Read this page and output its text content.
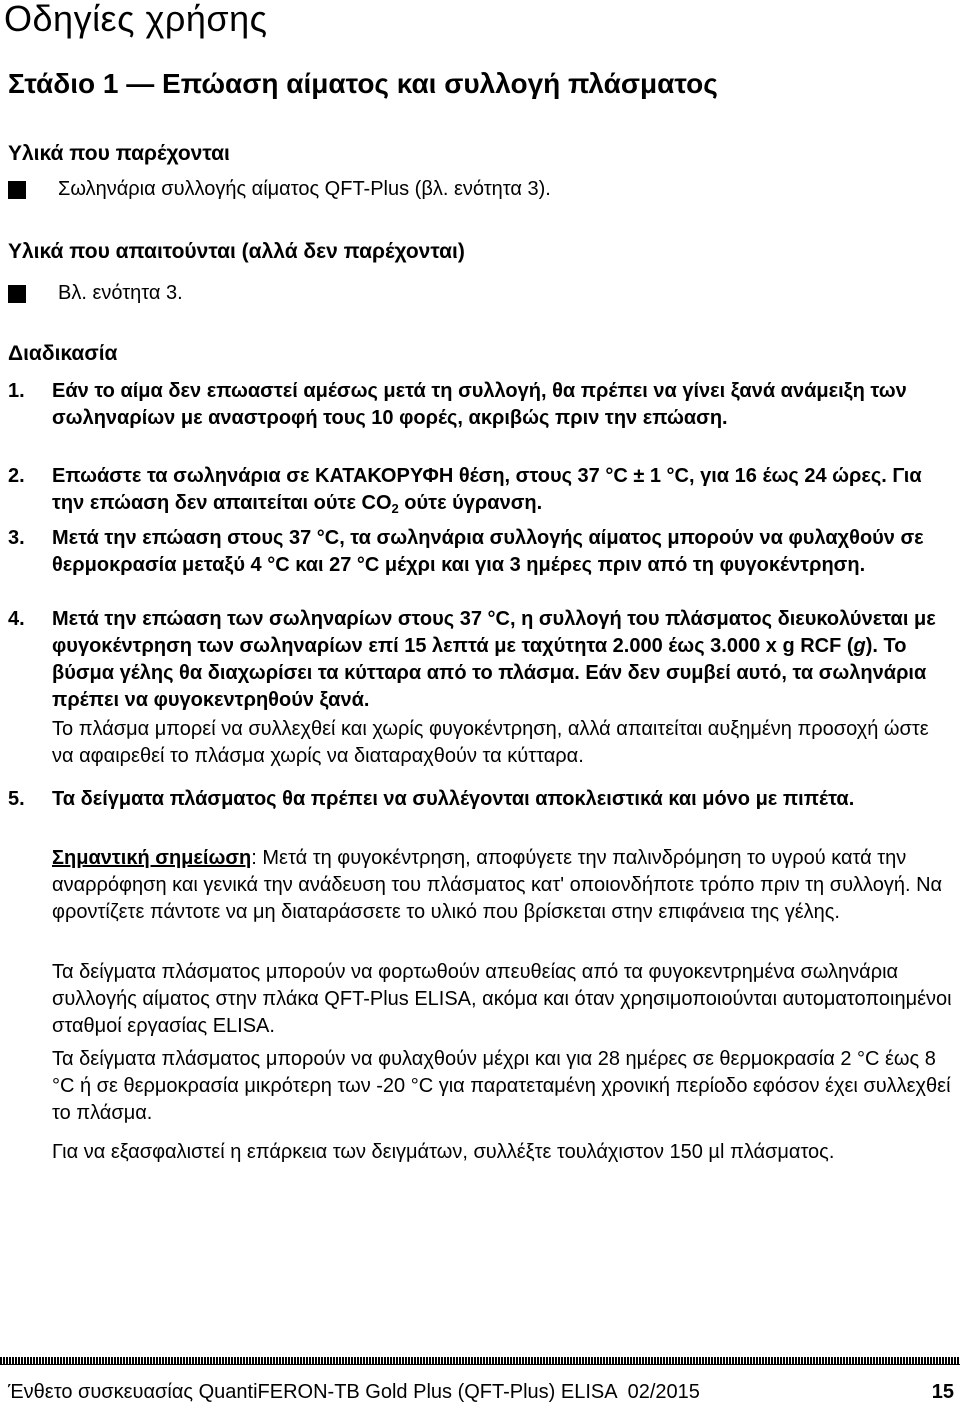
Οδηγίες χρήσης
Στάδιο 1 — Επώαση αίματος και συλλογή πλάσματος
Υλικά που παρέχονται
Σωληνάρια συλλογής αίματος QFT-Plus (βλ. ενότητα 3).
Υλικά που απαιτούνται (αλλά δεν παρέχονται)
Βλ. ενότητα 3.
Διαδικασία
1.	Εάν το αίμα δεν επωαστεί αμέσως μετά τη συλλογή, θα πρέπει να γίνει ξανά ανάμειξη των σωληναρίων με αναστροφή τους 10 φορές, ακριβώς πριν την επώαση.
2.	Επωάστε τα σωληνάρια σε ΚΑΤΑΚΟΡΥΦΗ θέση, στους 37 °C ± 1 °C, για 16 έως 24 ώρες. Για την επώαση δεν απαιτείται ούτε $CO_2$ ούτε ύγρανση.
3.	Μετά την επώαση στους 37 °C, τα σωληνάρια συλλογής αίματος μπορούν να φυλαχθούν σε θερμοκρασία μεταξύ 4 °C και 27 °C μέχρι και για 3 ημέρες πριν από τη φυγοκέντρηση.
4.	Μετά την επώαση των σωληναρίων στους 37 °C, η συλλογή του πλάσματος διευκολύνεται με φυγοκέντρηση των σωληναρίων επί 15 λεπτά με ταχύτητα 2.000 έως 3.000 x g RCF (g). Το βύσμα γέλης θα διαχωρίσει τα κύτταρα από το πλάσμα. Εάν δεν συμβεί αυτό, τα σωληνάρια πρέπει να φυγοκεντρηθούν ξανά.

Το πλάσμα μπορεί να συλλεχθεί και χωρίς φυγοκέντρηση, αλλά απαιτείται αυξημένη προσοχή ώστε να αφαιρεθεί το πλάσμα χωρίς να διαταραχθούν τα κύτταρα.

5.	Τα δείγματα πλάσματος θα πρέπει να συλλέγονται αποκλειστικά και μόνο με πιπέτα.

Σημαντική σημείωση: Μετά τη φυγοκέντρηση, αποφύγετε την παλινδρόμηση το υγρού κατά την αναρρόφηση και γενικά την ανάδευση του πλάσματος κατ' οποιονδήποτε τρόπο πριν τη συλλογή. Να φροντίζετε πάντοτε να μη διαταράσσετε το υλικό που βρίσκεται στην επιφάνεια της γέλης.

Τα δείγματα πλάσματος μπορούν να φορτωθούν απευθείας από τα φυγοκεντρημένα σωληνάρια συλλογής αίματος στην πλάκα QFT-Plus ELISA, ακόμα και όταν χρησιμοποιούνται αυτοματοποιημένοι σταθμοί εργασίας ELISA.

Τα δείγματα πλάσματος μπορούν να φυλαχθούν μέχρι και για 28 ημέρες σε θερμοκρασία 2 °C έως 8 °C ή σε θερμοκρασία μικρότερη των -20 °C για παρατεταμένη χρονική περίοδο εφόσον έχει συλλεχθεί το πλάσμα.

Για να εξασφαλιστεί η επάρκεια των δειγμάτων, συλλέξτε τουλάχιστον 150 µl πλάσματος.

Ένθετο συσκευασίας QuantiFERON-TB Gold Plus (QFT-Plus) ELISA  02/2015	15
